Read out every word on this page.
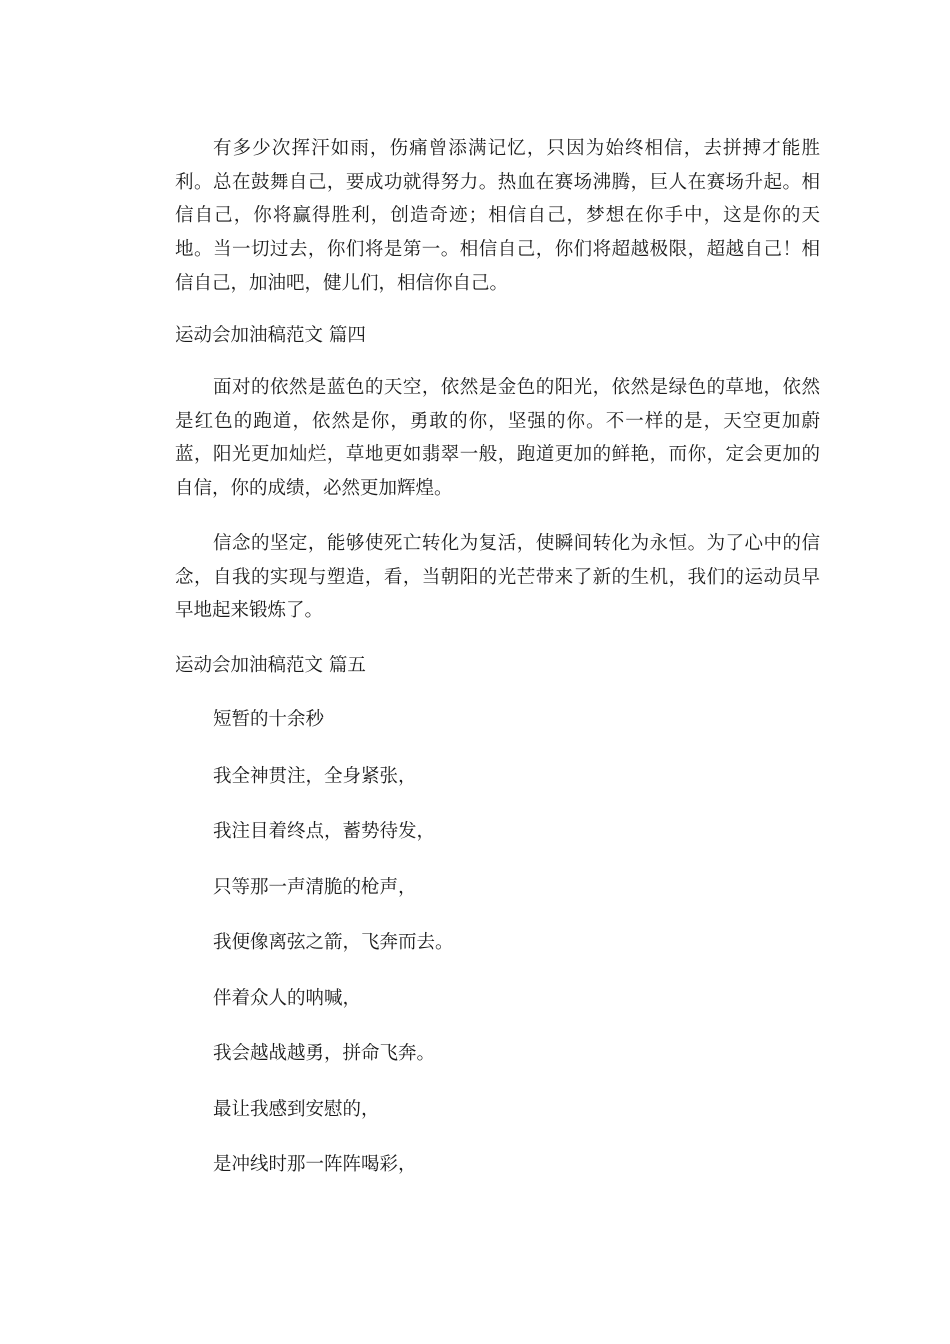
有多少次挥汗如雨，伤痛曾添满记忆，只因为始终相信，去拼搏才能胜利。总在鼓舞自己，要成功就得努力。热血在赛场沸腾，巨人在赛场升起。相信自己，你将赢得胜利，创造奇迹；相信自己，梦想在你手中，这是你的天地。当一切过去，你们将是第一。相信自己，你们将超越极限，超越自己！相信自己，加油吧，健儿们，相信你自己。

运动会加油稿范文 篇四

面对的依然是蓝色的天空，依然是金色的阳光，依然是绿色的草地，依然是红色的跑道，依然是你，勇敢的你，坚强的你。不一样的是，天空更加蔚蓝，阳光更加灿烂，草地更如翡翠一般，跑道更加的鲜艳，而你，定会更加的自信，你的成绩，必然更加辉煌。

信念的坚定，能够使死亡转化为复活，使瞬间转化为永恒。为了心中的信念，自我的实现与塑造，看，当朝阳的光芒带来了新的生机，我们的运动员早早地起来锻炼了。

运动会加油稿范文 篇五

短暂的十余秒

我全神贯注，全身紧张，

我注目着终点，蓄势待发，

只等那一声清脆的枪声，

我便像离弦之箭，飞奔而去。

伴着众人的呐喊，

我会越战越勇，拼命飞奔。

最让我感到安慰的，

是冲线时那一阵阵喝彩，
